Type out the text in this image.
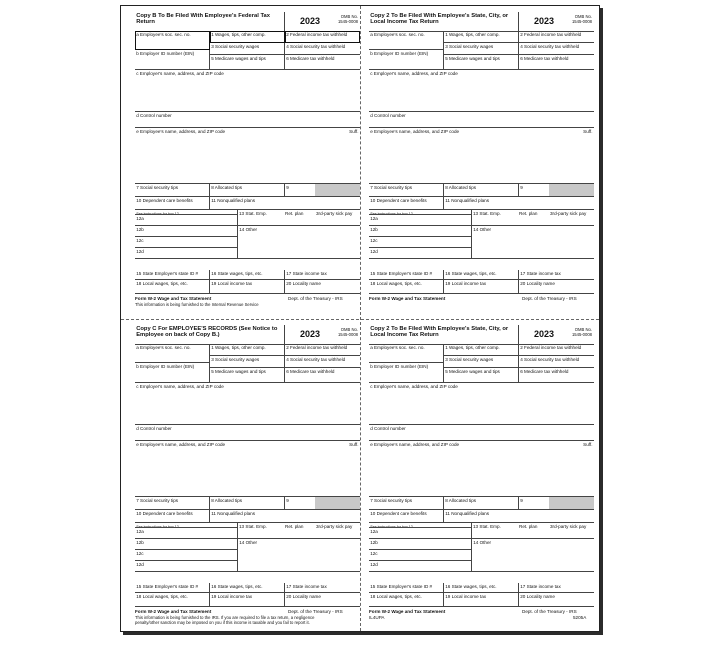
Copy B To Be Filed With Employee's Federal Tax Return	2023	OMB No. 1545-0008
a Employee's soc. sec. no.	1 Wages, tips, other comp.	2 Federal income tax withheld
3 Social security wages	4 Social security tax withheld
b Employer ID number (EIN)
5 Medicare wages and tips	6 Medicare tax withheld
c Employer's name, address, and ZIP code
d Control number
e Employee's name, address, and ZIP code	Suff.
7 Social security tips	8 Allocated tips	9
10 Dependent care benefits	11 Nonqualified plans
See instructions for box 12
12a
12b
12c
12d
13 Stat. Emp.	Ret. plan	3rd-party sick pay
14 Other
15 State Employer's state ID #	16 State wages, tips, etc.	17 State income tax
18 Local wages, tips, etc.	19 Local income tax	20 Locality name
Form W-2 Wage and Tax Statement	Dept. of the Treasury - IRS
This information is being furnished to the Internal Revenue Service
Copy 2 To Be Filed With Employee's State, City, or Local Income Tax Return	2023	OMB No. 1545-0008
a Employee's soc. sec. no.	1 Wages, tips, other comp.	2 Federal income tax withheld
3 Social security wages	4 Social security tax withheld
b Employer ID number (EIN)
5 Medicare wages and tips	6 Medicare tax withheld
c Employer's name, address, and ZIP code
d Control number
e Employee's name, address, and ZIP code	Suff.
7 Social security tips	8 Allocated tips	9
10 Dependent care benefits	11 Nonqualified plans
See instructions for box 12
12a
12b
12c
12d
13 Stat. Emp.	Ret. plan	3rd-party sick pay
14 Other
15 State Employer's state ID #	16 State wages, tips, etc.	17 State income tax
18 Local wages, tips, etc.	19 Local income tax	20 Locality name
Form W-2 Wage and Tax Statement	Dept. of the Treasury - IRS
Copy C For EMPLOYEE'S RECORDS (See Notice to Employee on back of Copy B.)	2023	OMB No. 1545-0008
a Employee's soc. sec. no.	1 Wages, tips, other comp.	2 Federal income tax withheld
3 Social security wages	4 Social security tax withheld
b Employer ID number (EIN)
5 Medicare wages and tips	6 Medicare tax withheld
c Employer's name, address, and ZIP code
d Control number
e Employee's name, address, and ZIP code	Suff.
7 Social security tips	8 Allocated tips	9
10 Dependent care benefits	11 Nonqualified plans
See instructions for box 12
12a
12b
12c
12d
13 Stat. Emp.	Ret. plan	3rd-party sick pay
14 Other
15 State Employer's state ID #	16 State wages, tips, etc.	17 State income tax
18 Local wages, tips, etc.	19 Local income tax	20 Locality name
Form W-2 Wage and Tax Statement	Dept. of the Treasury - IRS
This information is being furnished to the IRS. If you are required to file a tax return, a negligence penalty/other sanction may be imposed on you if this income is taxable and you fail to report it.
Copy 2 To Be Filed With Employee's State, City, or Local Income Tax Return	2023	OMB No. 1545-0008
a Employee's soc. sec. no.	1 Wages, tips, other comp.	2 Federal income tax withheld
3 Social security wages	4 Social security tax withheld
b Employer ID number (EIN)
5 Medicare wages and tips	6 Medicare tax withheld
c Employer's name, address, and ZIP code
d Control number
e Employee's name, address, and ZIP code	Suff.
7 Social security tips	8 Allocated tips	9
10 Dependent care benefits	11 Nonqualified plans
See instructions for box 12
12a
12b
12c
12d
13 Stat. Emp.	Ret. plan	3rd-party sick pay
14 Other
15 State Employer's state ID #	16 State wages, tips, etc.	17 State income tax
18 Local wages, tips, etc.	19 Local income tax	20 Locality name
Form W-2 Wage and Tax Statement	Dept. of the Treasury - IRS
IL4UPA	5205A
